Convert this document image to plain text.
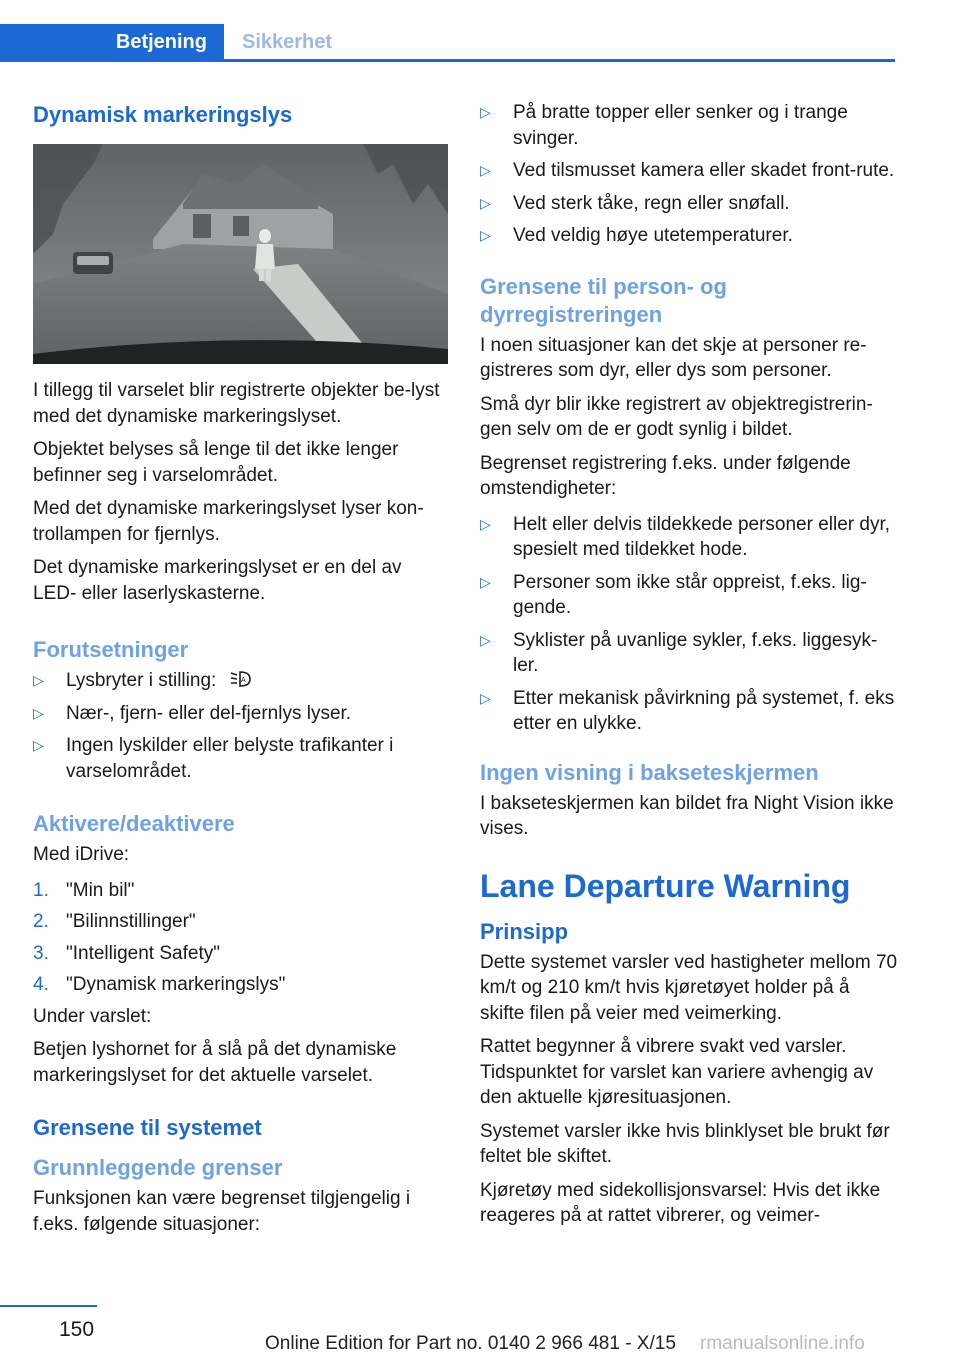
Betjening	Sikkerhet
Dynamisk markeringslys

I tillegg til varselet blir registrerte objekter be-lyst med det dynamiske markeringslyset.

Objektet belyses så lenge til det ikke lenger befinner seg i varselområdet.

Med det dynamiske markeringslyset lyser kon-trollampen for fjernlys.

Det dynamiske markeringslyset er en del av LED- eller laserlyskasterne.

Forutsetninger
▷ Lysbryter i stilling:	A
▷ Nær-, fjern- eller del-fjernlys lyser.
▷ Ingen lyskilder eller belyste trafikanter i varselområdet.
Aktivere/deaktivere

Med iDrive:

1. "Min bil"
2. "Bilinnstillinger"
3. "Intelligent Safety"
4. "Dynamisk markeringslys"

Under varslet:

Betjen lyshornet for å slå på det dynamiske markeringslyset for det aktuelle varselet.

Grensene til systemet
Grunnleggende grenser

Funksjonen kan være begrenset tilgjengelig i f.eks. følgende situasjoner:

▷ På bratte topper eller senker og i trange svinger.
▷ Ved tilsmusset kamera eller skadet front-rute.
▷ Ved sterk tåke, regn eller snøfall.
▷ Ved veldig høye utetemperaturer.
Grensene til person- og dyrregistreringen

I noen situasjoner kan det skje at personer re-gistreres som dyr, eller dys som personer.

Små dyr blir ikke registrert av objektregistrerin-gen selv om de er godt synlig i bildet.

Begrenset registrering f.eks. under følgende omstendigheter:

▷ Helt eller delvis tildekkede personer eller dyr, spesielt med tildekket hode.
▷ Personer som ikke står oppreist, f.eks. lig-gende.
▷ Syklister på uvanlige sykler, f.eks. liggesyk-ler.
▷ Etter mekanisk påvirkning på systemet, f. eks etter en ulykke.
Ingen visning i bakseteskjermen

I bakseteskjermen kan bildet fra Night Vision ikke vises.

Lane Departure Warning
Prinsipp

Dette systemet varsler ved hastigheter mellom 70 km/t og 210 km/t hvis kjøretøyet holder på å skifte filen på veier med veimerking.

Rattet begynner å vibrere svakt ved varsler. Tidspunktet for varslet kan variere avhengig av den aktuelle kjøresituasjonen.

Systemet varsler ikke hvis blinklyset ble brukt før feltet ble skiftet.

Kjøretøy med sidekollisjonsvarsel: Hvis det ikke reageres på at rattet vibrerer, og veimer-

150
Online Edition for Part no. 0140 2 966 481 - X/15 rmanualsonline.info
